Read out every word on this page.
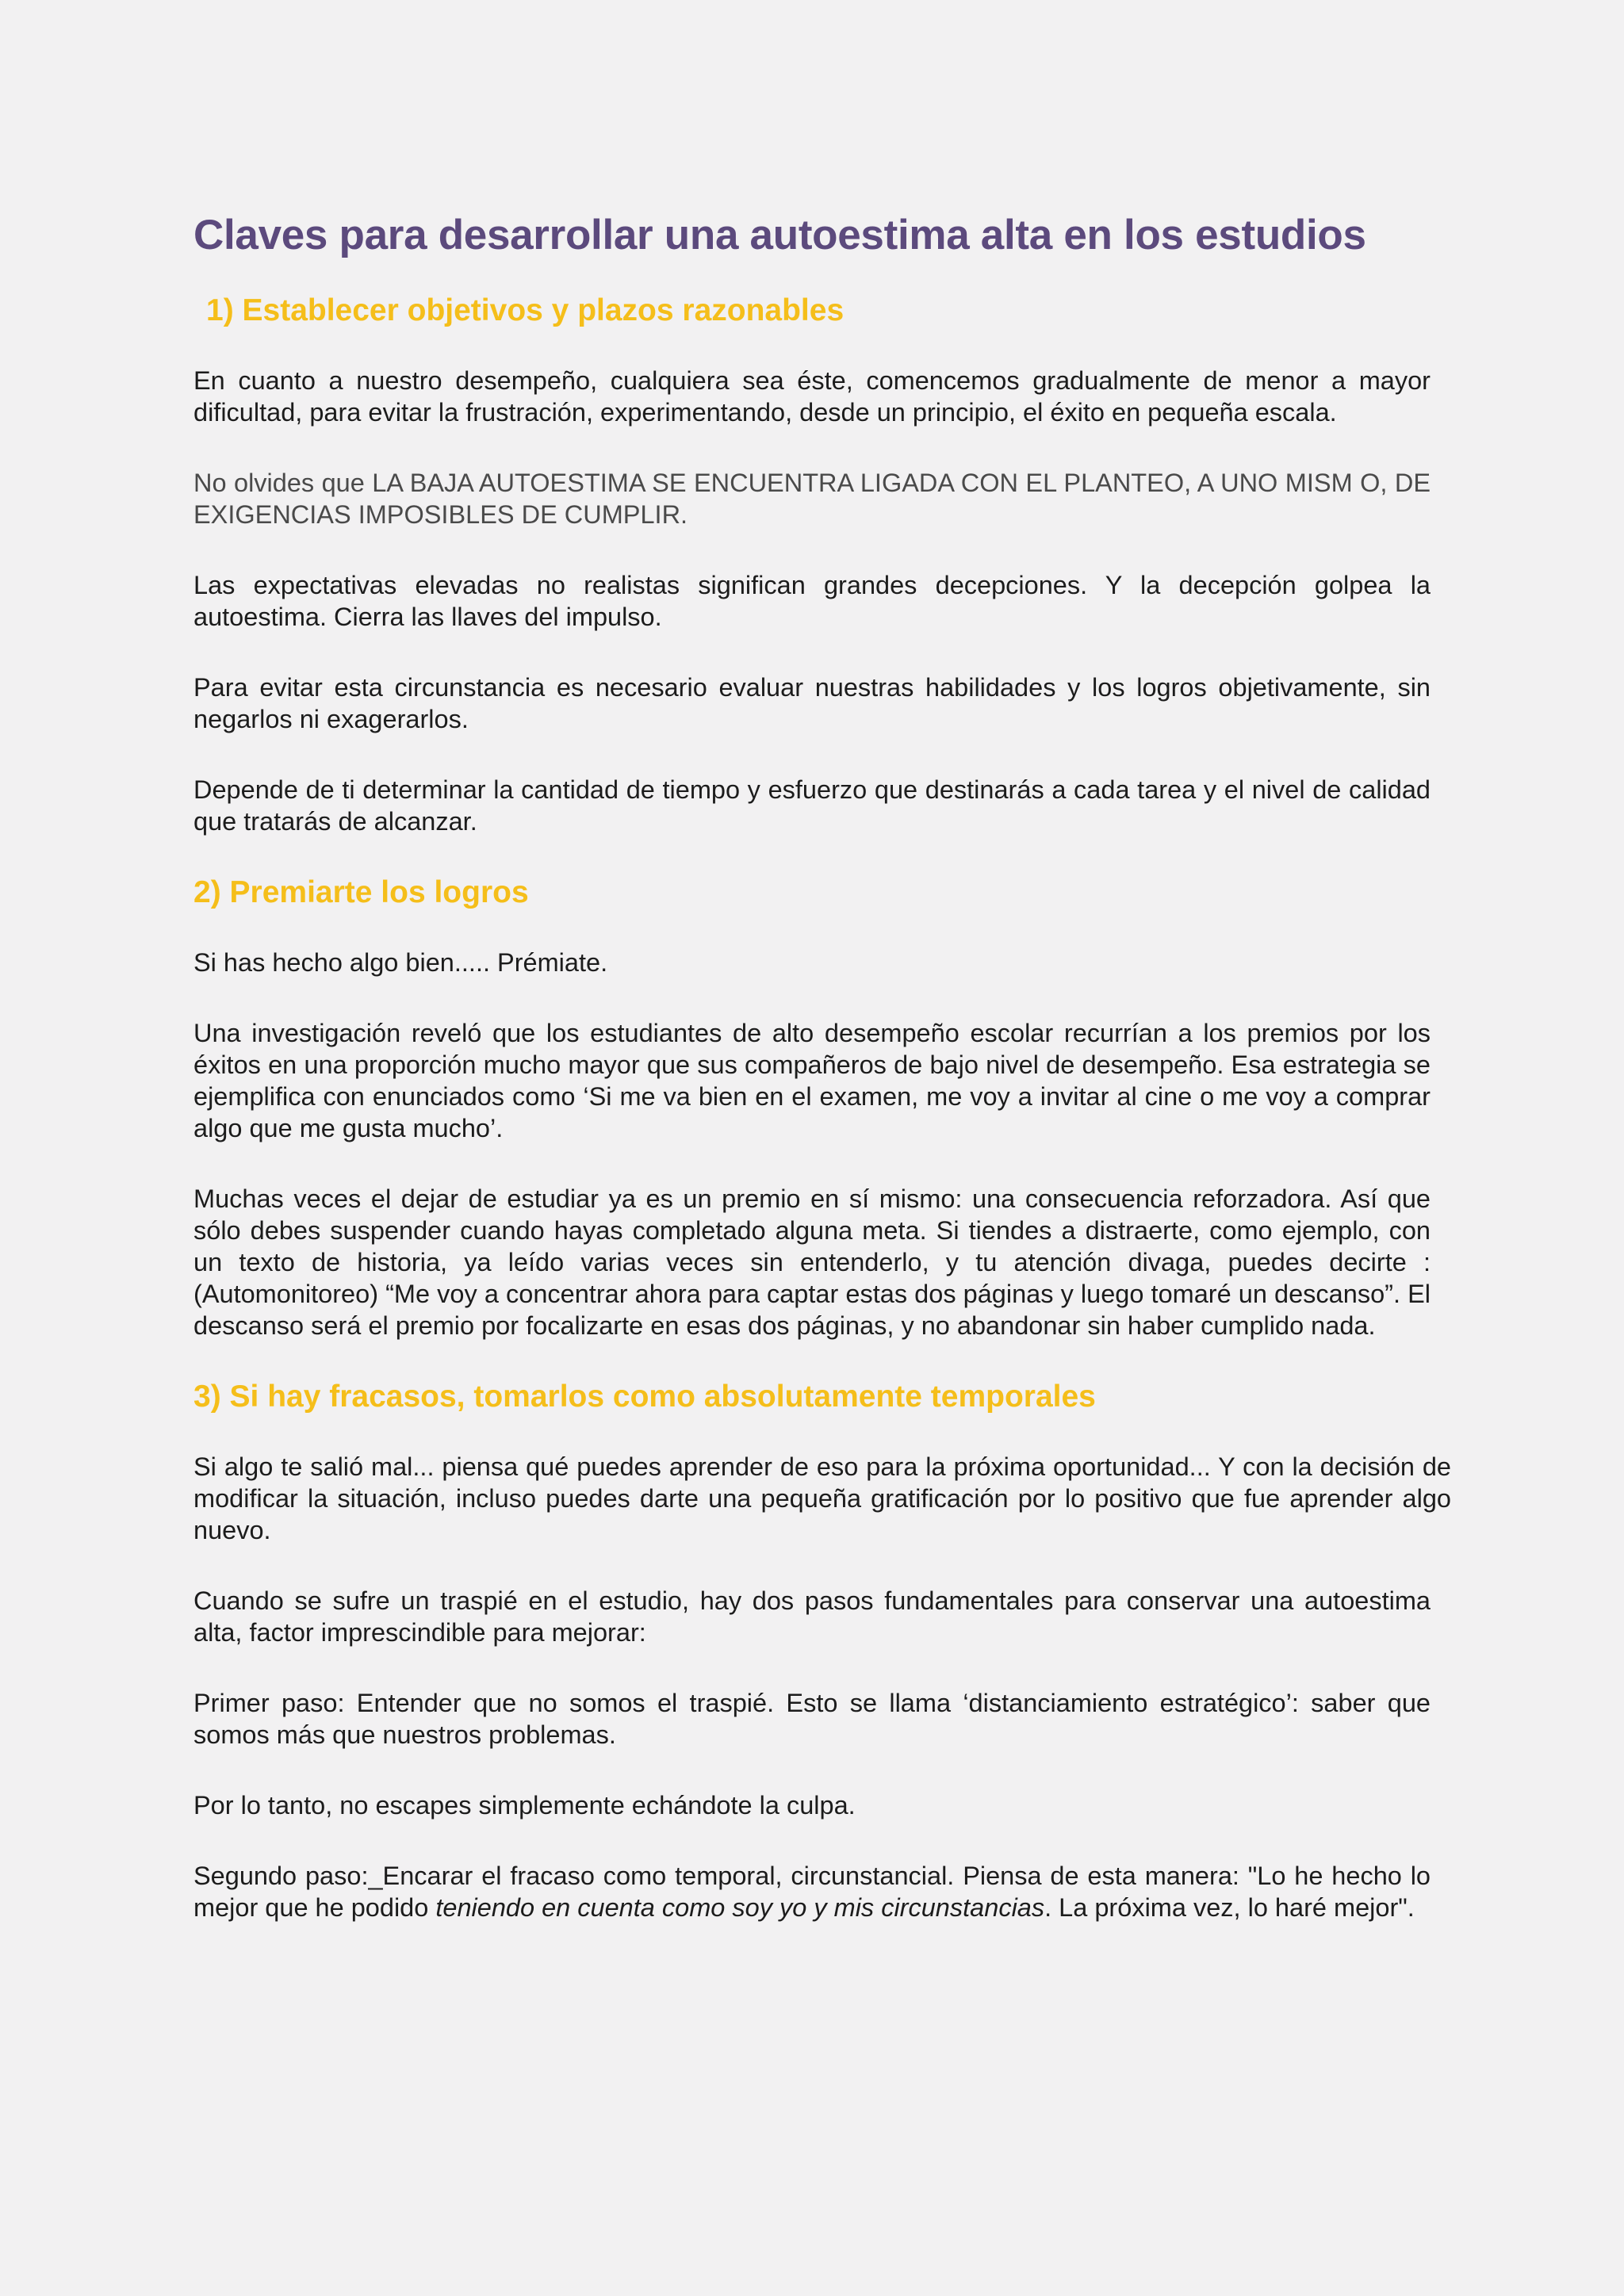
Claves para desarrollar una autoestima alta en los estudios
1) Establecer objetivos y plazos razonables

En cuanto a nuestro desempeño, cualquiera sea éste, comencemos gradualmente de menor a mayor dificultad, para evitar la frustración, experimentando, desde un principio, el éxito en pequeña escala.

No olvides que LA BAJA AUTOESTIMA SE ENCUENTRA LIGADA CON EL PLANTEO, A UNO MISM O, DE EXIGENCIAS IMPOSIBLES DE CUMPLIR.

Las expectativas elevadas no realistas significan grandes decepciones. Y la decepción golpea la autoestima. Cierra las llaves del impulso.

Para evitar esta circunstancia es necesario evaluar nuestras habilidades y los logros objetivamente, sin negarlos ni exagerarlos.

Depende de ti determinar la cantidad de tiempo y esfuerzo que destinarás a cada tarea y el nivel de calidad que tratarás de alcanzar.

2) Premiarte los logros

Si has hecho algo bien..... Prémiate.

Una investigación reveló que los estudiantes de alto desempeño escolar recurrían a los premios por los éxitos en una proporción mucho mayor que sus compañeros de bajo nivel de desempeño. Esa estrategia se ejemplifica con enunciados como ‘Si me va bien en el examen, me voy a invitar al cine o me voy a comprar algo que me gusta mucho’.

Muchas veces el dejar de estudiar ya es un premio en sí mismo: una consecuencia reforzadora. Así que sólo debes suspender cuando hayas completado alguna meta. Si tiendes a distraerte, como ejemplo, con un texto de historia, ya leído varias veces sin entenderlo, y tu atención divaga, puedes decirte : (Automonitoreo) “Me voy a concentrar ahora para captar estas dos páginas y luego tomaré un descanso”. El descanso será el premio por focalizarte en esas dos páginas, y no abandonar sin haber cumplido nada.

3) Si hay fracasos, tomarlos como absolutamente temporales

Si algo te salió mal... piensa qué puedes aprender de eso para la próxima oportunidad... Y con la decisión de modificar la situación, incluso puedes darte una pequeña gratificación por lo positivo que fue aprender algo nuevo.

Cuando se sufre un traspié en el estudio, hay dos pasos fundamentales para conservar una autoestima alta, factor imprescindible para mejorar:

Primer paso: Entender que no somos el traspié. Esto se llama ‘distanciamiento estratégico’: saber que somos más que nuestros problemas.

Por lo tanto, no escapes simplemente echándote la culpa.

Segundo paso:_Encarar el fracaso como temporal, circunstancial. Piensa de esta manera: "Lo he hecho lo mejor que he podido teniendo en cuenta como soy yo y mis circunstancias. La próxima vez, lo haré mejor".
